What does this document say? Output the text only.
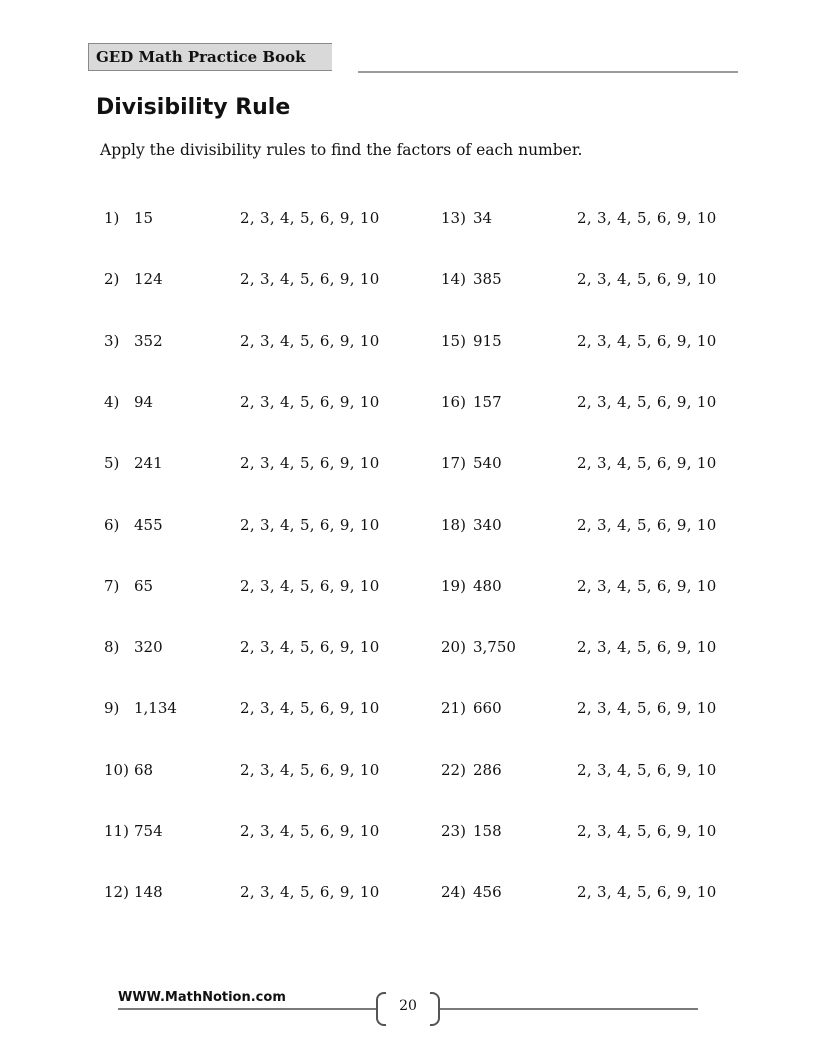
GED Math Practice Book
Divisibility Rule
Apply the divisibility rules to find the factors of each number.
1) 15	2, 3, 4, 5, 6, 9, 10
2) 124	2, 3, 4, 5, 6, 9, 10
3) 352	2, 3, 4, 5, 6, 9, 10
4) 94	2, 3, 4, 5, 6, 9, 10
5) 241	2, 3, 4, 5, 6, 9, 10
6) 455	2, 3, 4, 5, 6, 9, 10
7) 65	2, 3, 4, 5, 6, 9, 10
8) 320	2, 3, 4, 5, 6, 9, 10
9) 1,134	2, 3, 4, 5, 6, 9, 10
10) 68	2, 3, 4, 5, 6, 9, 10
11) 754	2, 3, 4, 5, 6, 9, 10
12) 148	2, 3, 4, 5, 6, 9, 10
13) 34	2, 3, 4, 5, 6, 9, 10
14) 385	2, 3, 4, 5, 6, 9, 10
15) 915	2, 3, 4, 5, 6, 9, 10
16) 157	2, 3, 4, 5, 6, 9, 10
17) 540	2, 3, 4, 5, 6, 9, 10
18) 340	2, 3, 4, 5, 6, 9, 10
19) 480	2, 3, 4, 5, 6, 9, 10
20) 3,750	2, 3, 4, 5, 6, 9, 10
21) 660	2, 3, 4, 5, 6, 9, 10
22) 286	2, 3, 4, 5, 6, 9, 10
23) 158	2, 3, 4, 5, 6, 9, 10
24) 456	2, 3, 4, 5, 6, 9, 10
WWW.MathNotion.com
20
